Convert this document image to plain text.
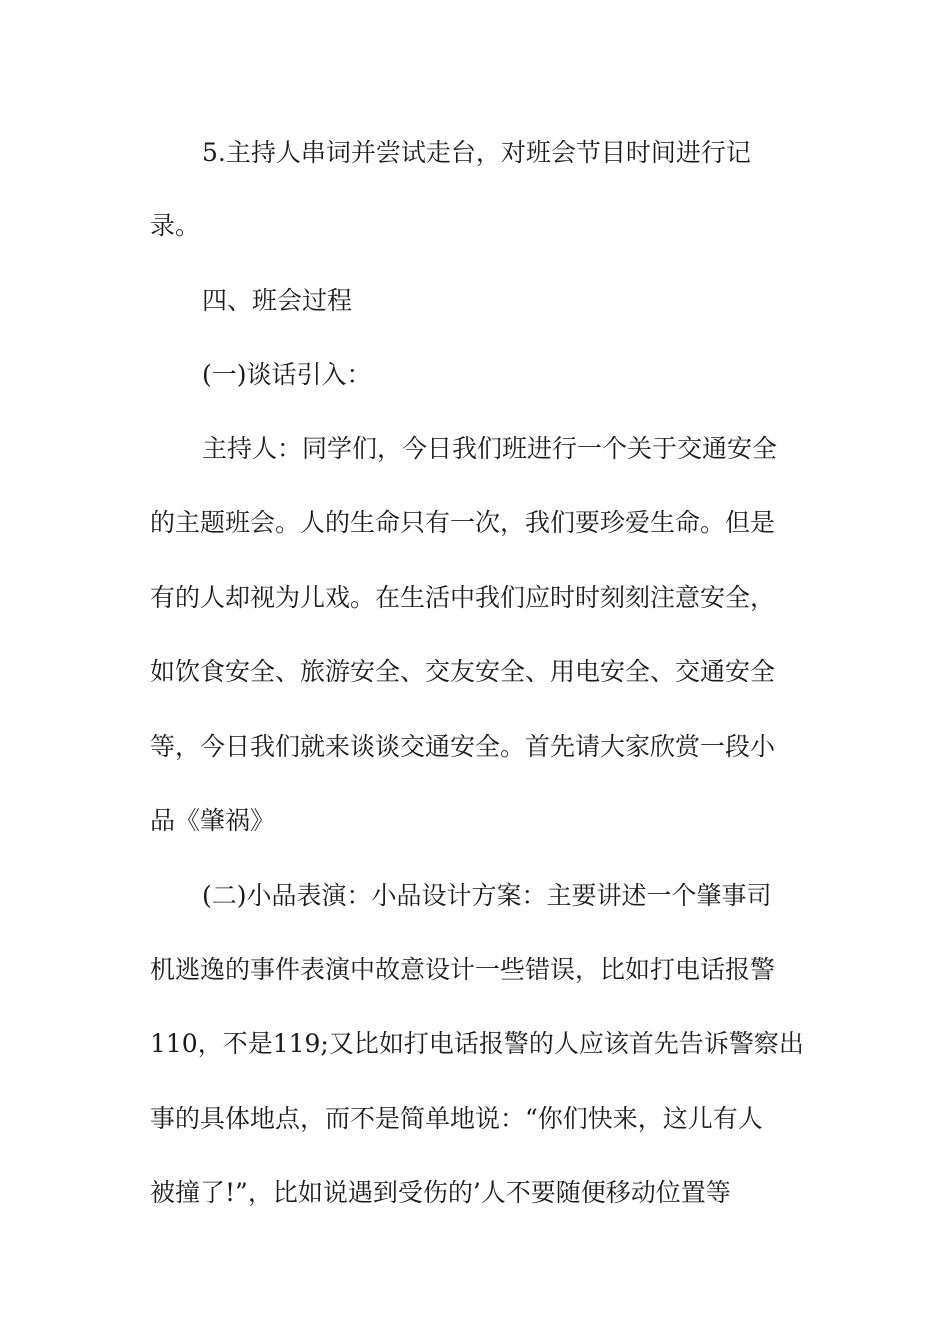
5.主持人串词并尝试走台，对班会节目时间进行记
录。
四、班会过程
(一)谈话引入：
主持人：同学们，今日我们班进行一个关于交通安全
的主题班会。人的生命只有一次，我们要珍爱生命。但是
有的人却视为儿戏。在生活中我们应时时刻刻注意安全，
如饮食安全、旅游安全、交友安全、用电安全、交通安全
等，今日我们就来谈谈交通安全。首先请大家欣赏一段小
品《肇祸》
(二)小品表演：小品设计方案：主要讲述一个肇事司
机逃逸的事件表演中故意设计一些错误，比如打电话报警
110，不是119;又比如打电话报警的人应该首先告诉警察出
事的具体地点，而不是简单地说：“你们快来，这儿有人
被撞了!”，比如说遇到受伤的’人不要随便移动位置等
